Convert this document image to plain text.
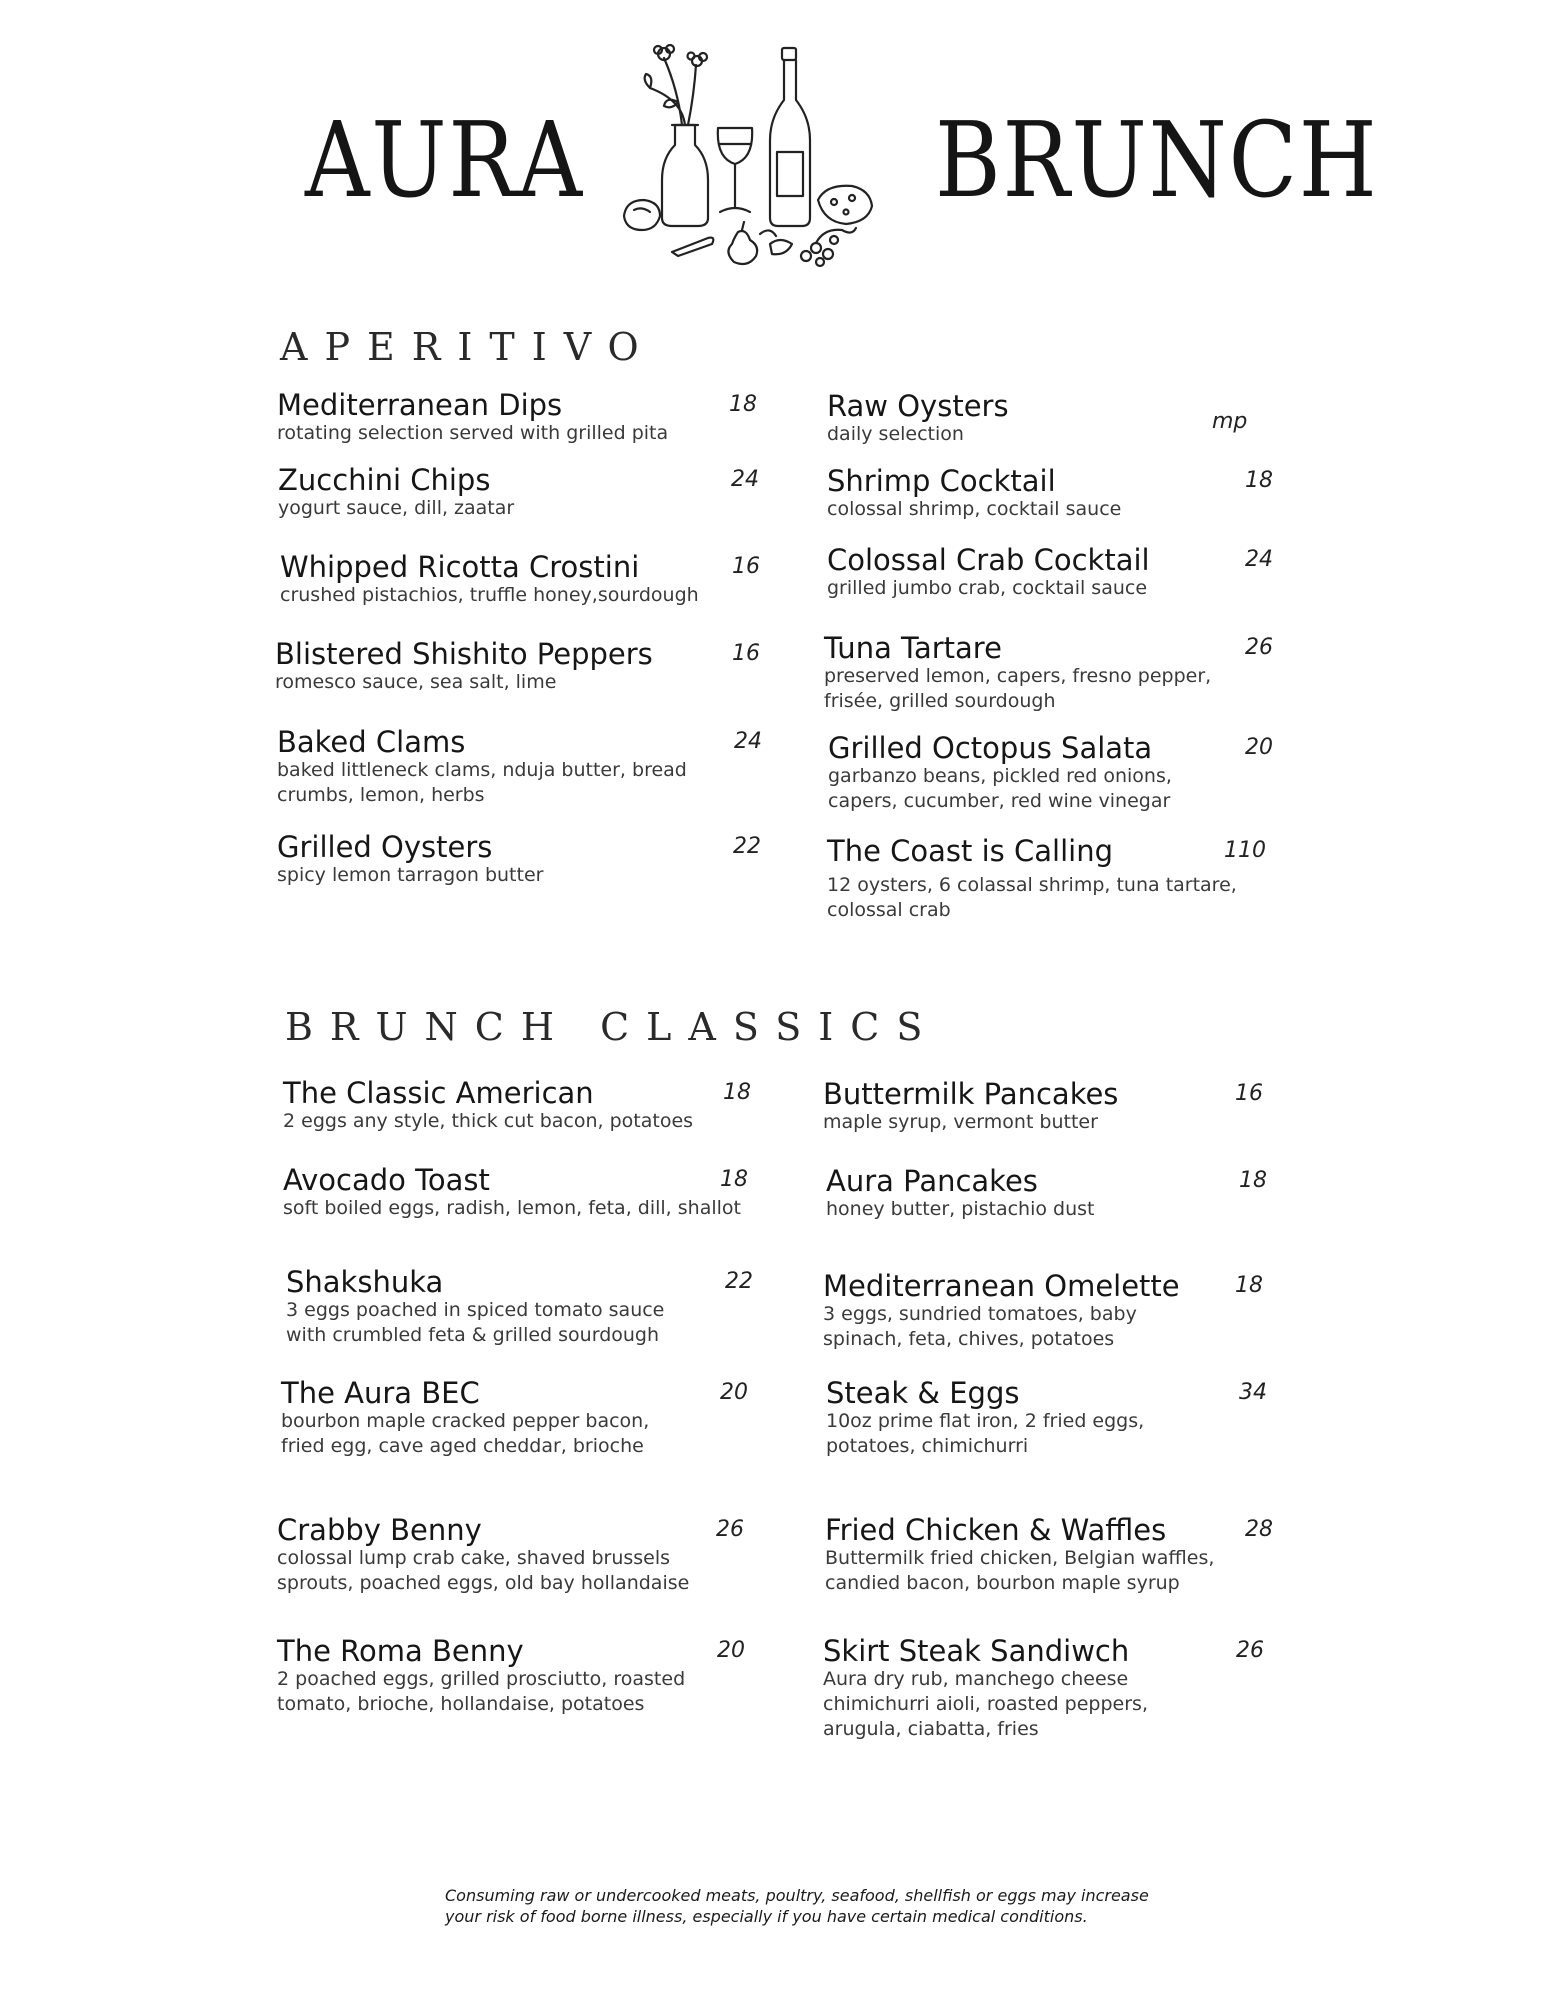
AURA	BRUNCH
APERITIVO
BRUNCH CLASSICS
Mediterranean Dips
rotating selection served with grilled pita
18
Zucchini Chips
yogurt sauce, dill, zaatar
24
Whipped Ricotta Crostini
crushed pistachios, truffle honey,sourdough
16
Blistered Shishito Peppers
romesco sauce, sea salt, lime
16
Baked Clams
baked littleneck clams, nduja butter, bread crumbs, lemon, herbs
24
Grilled Oysters
spicy lemon tarragon butter
22
Raw Oysters
daily selection
mp
Shrimp Cocktail
colossal shrimp, cocktail sauce
18
Colossal Crab Cocktail
grilled jumbo crab, cocktail sauce
24
Tuna Tartare
preserved lemon, capers, fresno pepper, frisée, grilled sourdough
26
Grilled Octopus Salata
garbanzo beans, pickled red onions, capers, cucumber, red wine vinegar
20
The Coast is Calling
12 oysters, 6 colassal shrimp, tuna tartare, colossal crab
110
The Classic American
2 eggs any style, thick cut bacon, potatoes
18
Avocado Toast
soft boiled eggs, radish, lemon, feta, dill, shallot
18
Shakshuka
3 eggs poached in spiced tomato sauce with crumbled feta & grilled sourdough
22
The Aura BEC
bourbon maple cracked pepper bacon, fried egg, cave aged cheddar, brioche
20
Crabby Benny
colossal lump crab cake, shaved brussels sprouts, poached eggs, old bay hollandaise
26
The Roma Benny
2 poached eggs, grilled prosciutto, roasted tomato, brioche, hollandaise, potatoes
20
Buttermilk Pancakes
maple syrup, vermont butter
16
Aura Pancakes
honey butter, pistachio dust
18
Mediterranean Omelette
3 eggs, sundried tomatoes, baby spinach, feta, chives, potatoes
18
Steak & Eggs
10oz prime flat iron, 2 fried eggs, potatoes, chimichurri
34
Fried Chicken & Waffles
Buttermilk fried chicken, Belgian waffles, candied bacon, bourbon maple syrup
28
Skirt Steak Sandiwch
Aura dry rub, manchego cheese chimichurri aioli, roasted peppers, arugula, ciabatta, fries
26
Consuming raw or undercooked meats, poultry, seafood, shellfish or eggs may increase
your risk of food borne illness, especially if you have certain medical conditions.
